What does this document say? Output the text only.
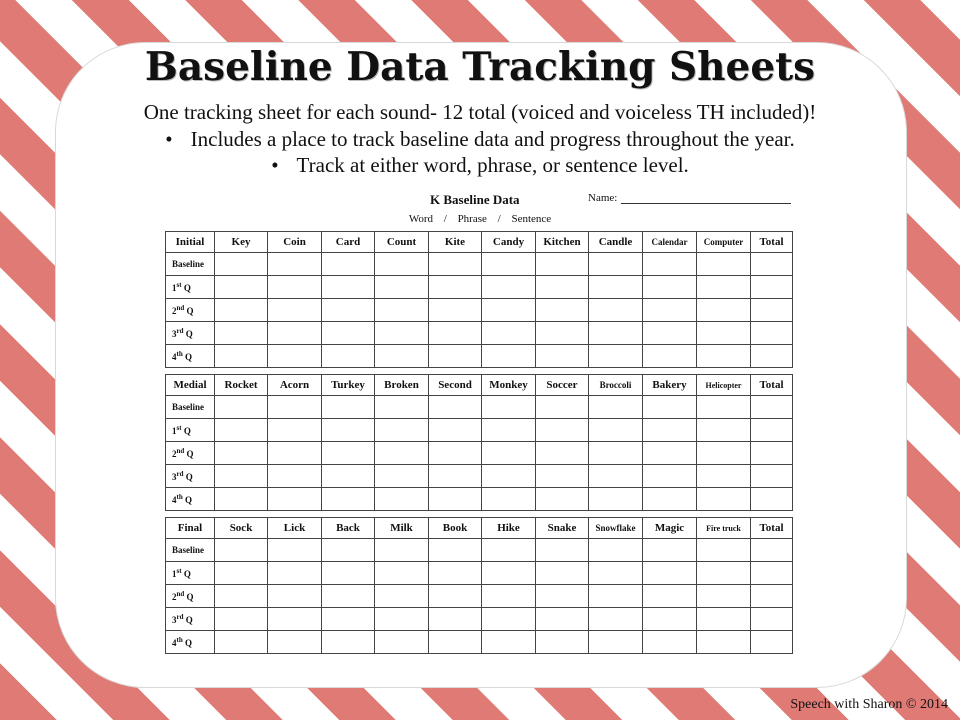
Baseline Data Tracking Sheets
One tracking sheet for each sound- 12 total (voiced and voiceless TH included)!
• Includes a place to track baseline data and progress throughout the year.
• Track at either word, phrase, or sentence level.
K Baseline Data	Name:
Word / Phrase / Sentence
Initial	Key	Coin	Card	Count	Kite	Candy	Kitchen	Candle	Calendar	Computer	Total
Baseline											
1st Q											
2nd Q											
3rd Q											
4th Q											
Medial	Rocket	Acorn	Turkey	Broken	Second	Monkey	Soccer	Broccoli	Bakery	Helicopter	Total
Baseline											
1st Q											
2nd Q											
3rd Q											
4th Q											
Final	Sock	Lick	Back	Milk	Book	Hike	Snake	Snowflake	Magic	Fire truck	Total
Baseline											
1st Q											
2nd Q											
3rd Q											
4th Q											
Speech with Sharon © 2014
